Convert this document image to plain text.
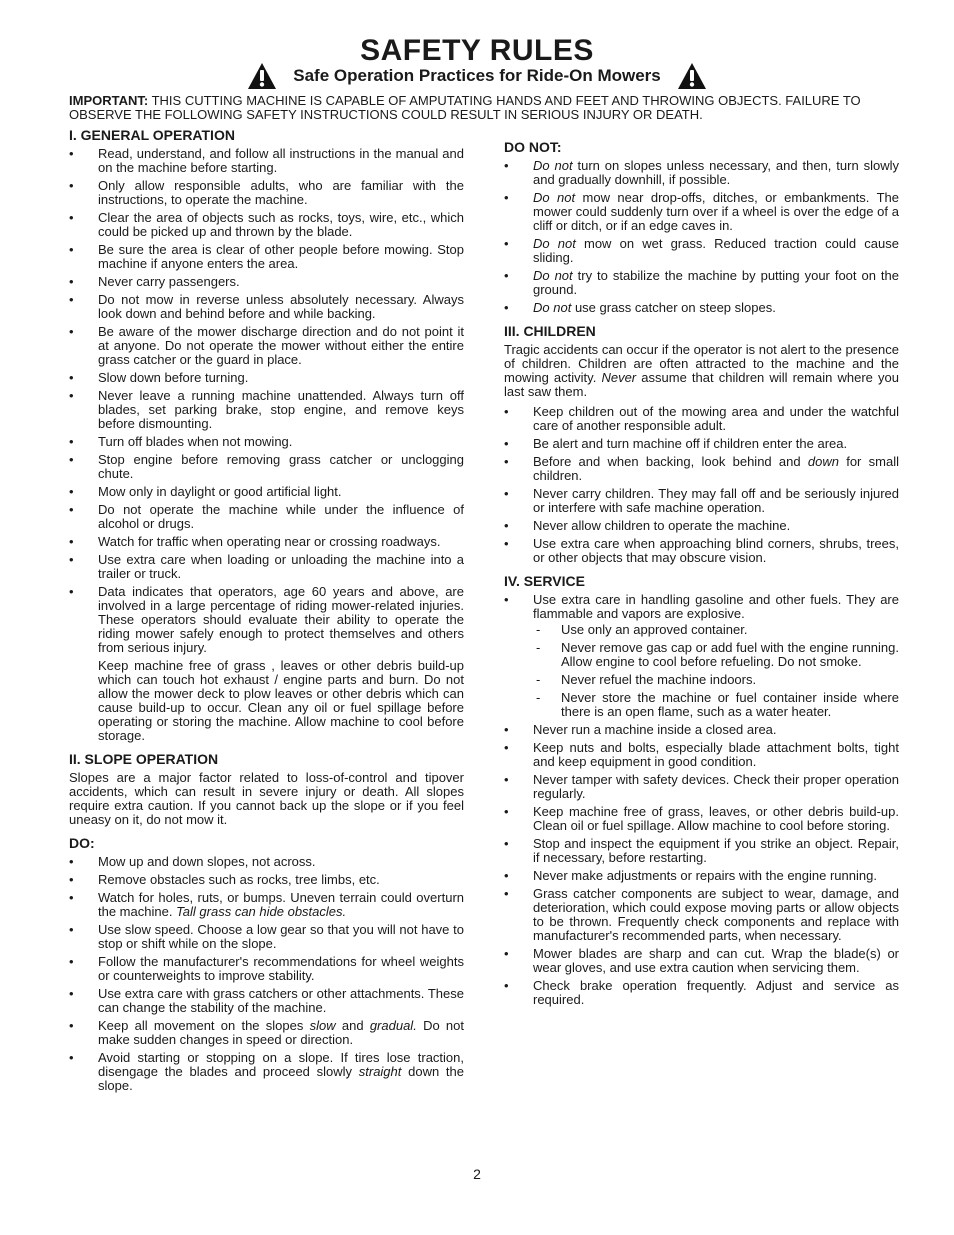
SAFETY RULES
Safe Operation Practices for Ride-On Mowers

IMPORTANT: THIS CUTTING MACHINE IS CAPABLE OF AMPUTATING HANDS AND FEET AND THROWING OBJECTS. FAILURE TO OBSERVE THE FOLLOWING SAFETY INSTRUCTIONS COULD RESULT IN SERIOUS INJURY OR DEATH.

I. GENERAL OPERATION
• Read, understand, and follow all instructions in the manual and on the machine before starting.
• Only allow responsible adults, who are familiar with the instructions, to operate the machine.
• Clear the area of objects such as rocks, toys, wire, etc., which could be picked up and thrown by the blade.
• Be sure the area is clear of other people before mowing. Stop machine if anyone enters the area.
• Never carry passengers.
• Do not mow in reverse unless absolutely necessary. Always look down and behind before and while backing.
• Be aware of the mower discharge direction and do not point it at anyone. Do not operate the mower without either the entire grass catcher or the guard in place.
• Slow down before turning.
• Never leave a running machine unattended. Always turn off blades, set parking brake, stop engine, and remove keys before dismounting.
• Turn off blades when not mowing.
• Stop engine before removing grass catcher or unclogging chute.
• Mow only in daylight or good artificial light.
• Do not operate the machine while under the influence of alcohol or drugs.
• Watch for traffic when operating near or crossing roadways.
• Use extra care when loading or unloading the machine into a trailer or truck.
• Data indicates that operators, age 60 years and above, are involved in a large percentage of riding mower-related injuries. These operators should evaluate their ability to operate the riding mower safely enough to protect themselves and others from serious injury.

Keep machine free of grass , leaves or other debris build-up which can touch hot exhaust / engine parts and burn. Do not allow the mower deck to plow leaves or other debris which can cause build-up to occur. Clean any oil or fuel spillage before operating or storing the machine. Allow machine to cool before storage.

II. SLOPE OPERATION

Slopes are a major factor related to loss-of-control and tipover accidents, which can result in severe injury or death. All slopes require extra caution. If you cannot back up the slope or if you feel uneasy on it, do not mow it.

DO:
• Mow up and down slopes, not across.
• Remove obstacles such as rocks, tree limbs, etc.
• Watch for holes, ruts, or bumps. Uneven terrain could overturn the machine. Tall grass can hide obstacles.
• Use slow speed. Choose a low gear so that you will not have to stop or shift while on the slope.
• Follow the manufacturer's recommendations for wheel weights or counterweights to improve stability.
• Use extra care with grass catchers or other attachments. These can change the stability of the machine.
• Keep all movement on the slopes slow and gradual. Do not make sudden changes in speed or direction.
• Avoid starting or stopping on a slope. If tires lose traction, disengage the blades and proceed slowly straight down the slope.
DO NOT:
• Do not turn on slopes unless necessary, and then, turn slowly and gradually downhill, if possible.
• Do not mow near drop-offs, ditches, or embankments. The mower could suddenly turn over if a wheel is over the edge of a cliff or ditch, or if an edge caves in.
• Do not mow on wet grass. Reduced traction could cause sliding.
• Do not try to stabilize the machine by putting your foot on the ground.
• Do not use grass catcher on steep slopes.
III. CHILDREN

Tragic accidents can occur if the operator is not alert to the presence of children. Children are often attracted to the machine and the mowing activity. Never assume that children will remain where you last saw them.

• Keep children out of the mowing area and under the watchful care of another responsible adult.
• Be alert and turn machine off if children enter the area.
• Before and when backing, look behind and down for small children.
• Never carry children. They may fall off and be seriously injured or interfere with safe machine operation.
• Never allow children to operate the machine.
• Use extra care when approaching blind corners, shrubs, trees, or other objects that may obscure vision.
IV. SERVICE
• Use extra care in handling gasoline and other fuels. They are flammable and vapors are explosive.
- Use only an approved container.
- Never remove gas cap or add fuel with the engine running. Allow engine to cool before refueling. Do not smoke.
- Never refuel the machine indoors.
- Never store the machine or fuel container inside where there is an open flame, such as a water heater.
• Never run a machine inside a closed area.
• Keep nuts and bolts, especially blade attachment bolts, tight and keep equipment in good condition.
• Never tamper with safety devices. Check their proper operation regularly.
• Keep machine free of grass, leaves, or other debris build-up. Clean oil or fuel spillage. Allow machine to cool before storing.
• Stop and inspect the equipment if you strike an object. Repair, if necessary, before restarting.
• Never make adjustments or repairs with the engine running.
• Grass catcher components are subject to wear, damage, and deterioration, which could expose moving parts or allow objects to be thrown. Frequently check components and replace with manufacturer's recommended parts, when necessary.
• Mower blades are sharp and can cut. Wrap the blade(s) or wear gloves, and use extra caution when servicing them.
• Check brake operation frequently. Adjust and service as required.
2
